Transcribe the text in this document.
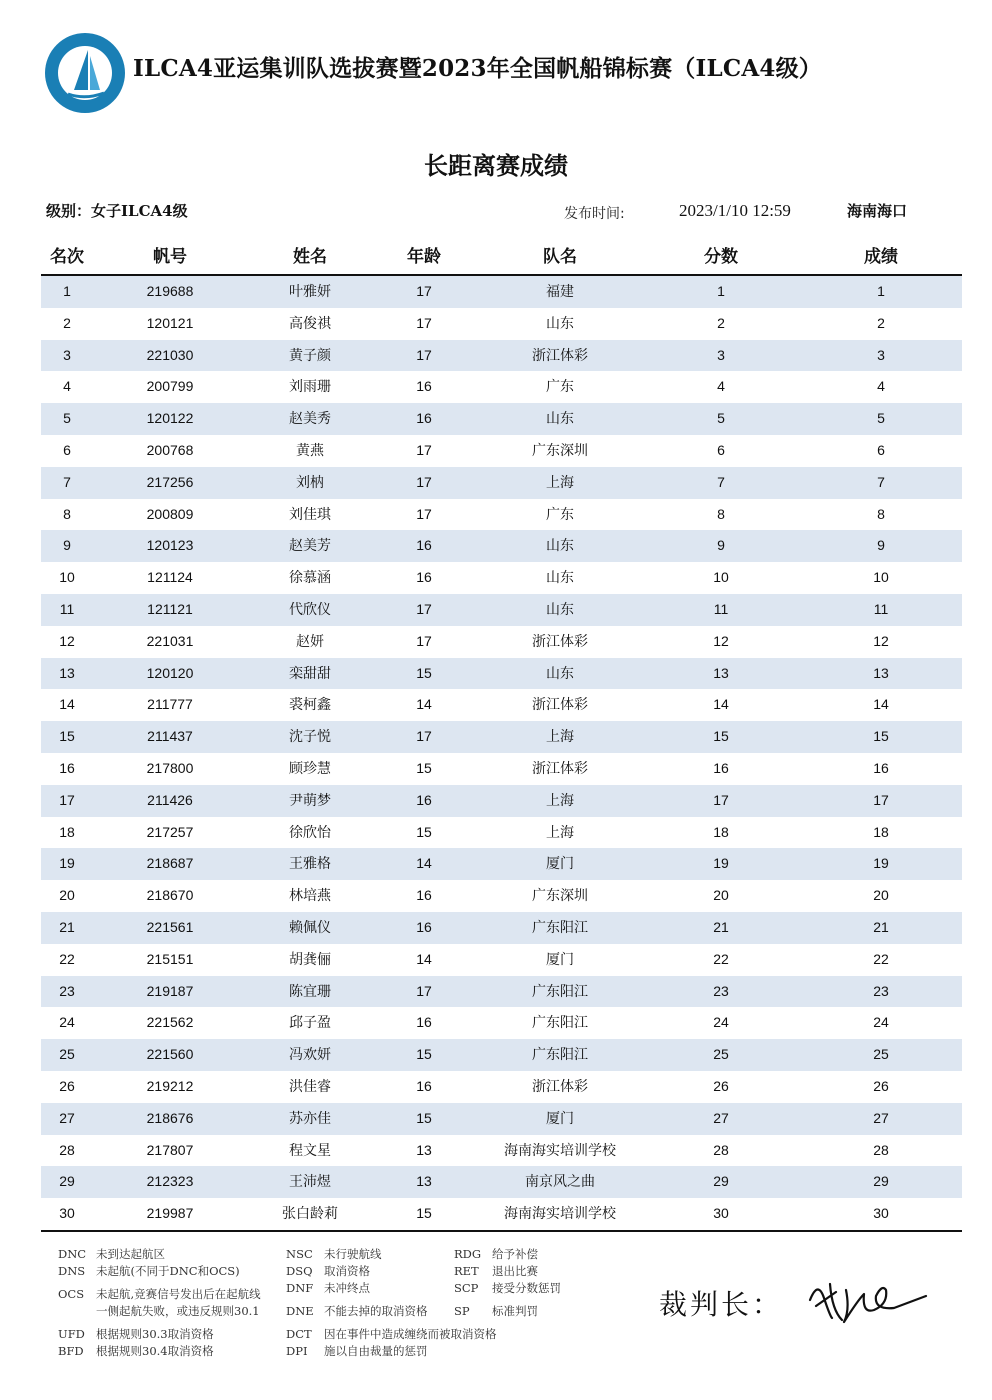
ILCA4亚运集训队选拔赛暨2023年全国帆船锦标赛（ILCA4级）
长距离赛成绩
级别：女子ILCA4级	发布时间:	2023/1/10 12:59	海南海口
名次	帆号	姓名	年龄	队名	分数	成绩
1	219688	叶雅妍	17	福建	1	1
2	120121	高俊祺	17	山东	2	2
3	221030	黄子颜	17	浙江体彩	3	3
4	200799	刘雨珊	16	广东	4	4
5	120122	赵美秀	16	山东	5	5
6	200768	黄燕	17	广东深圳	6	6
7	217256	刘枘	17	上海	7	7
8	200809	刘佳琪	17	广东	8	8
9	120123	赵美芳	16	山东	9	9
10	121124	徐慕涵	16	山东	10	10
11	121121	代欣仪	17	山东	11	11
12	221031	赵妍	17	浙江体彩	12	12
13	120120	栾甜甜	15	山东	13	13
14	211777	裘柯鑫	14	浙江体彩	14	14
15	211437	沈子悦	17	上海	15	15
16	217800	顾珍慧	15	浙江体彩	16	16
17	211426	尹萌梦	16	上海	17	17
18	217257	徐欣怡	15	上海	18	18
19	218687	王雅格	14	厦门	19	19
20	218670	林培燕	16	广东深圳	20	20
21	221561	赖佩仪	16	广东阳江	21	21
22	215151	胡龚俪	14	厦门	22	22
23	219187	陈宜珊	17	广东阳江	23	23
24	221562	邱子盈	16	广东阳江	24	24
25	221560	冯欢妍	15	广东阳江	25	25
26	219212	洪佳睿	16	浙江体彩	26	26
27	218676	苏亦佳	15	厦门	27	27
28	217807	程文星	13	海南海实培训学校	28	28
29	212323	王沛煜	13	南京风之曲	29	29
30	219987	张白龄莉	15	海南海实培训学校	30	30
DNC 未到达起航区
DNS 未起航(不同于DNC和OCS)
OCS 未起航,竞赛信号发出后在起航线
一侧起航失败，或违反规则30.1
UFD 根据规则30.3取消资格
BFD 根据规则30.4取消资格
NSC 未行驶航线
DSQ 取消资格
DNF 未冲终点
DNE 不能去掉的取消资格
DCT 因在事件中造成缠绕而被取消资格
DPI 施以自由裁量的惩罚
RDG 给予补偿
RET 退出比赛
SCP 接受分数惩罚
SP 标准判罚	裁判长：
